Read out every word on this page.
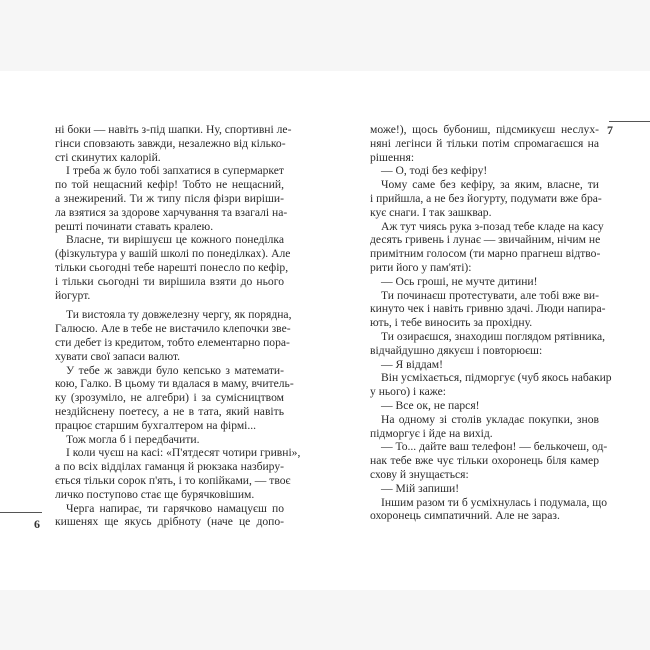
6
7
ні боки — навіть з-під шапки. Ну, спортивні ле-
гінси сповзають завжди, незалежно від кілько-
сті скинутих калорій.
І треба ж було тобі запхатися в супермаркет
по той нещасний кефір! Тобто не нещасний,
а знежирений. Ти ж типу після фізри виріши-
ла взятися за здорове харчування та взагалі на-
решті починати ставать кралею.
Власне, ти вирішуєш це кожного понеділка
(фізкультура у вашій школі по понеділках). Але
тільки сьогодні тебе нарешті понесло по кефір,
і тільки сьогодні ти вирішила взяти до нього
йогурт.
Ти вистояла ту довжелезну чергу, як порядна,
Галюсю. Але в тебе не вистачило клепочки зве-
сти дебет із кредитом, тобто елементарно пора-
хувати свої запаси валют.
У тебе ж завжди було кепсько з математи-
кою, Галко. В цьому ти вдалася в маму, вчитель-
ку (зрозуміло, не алгебри) і за сумісництвом
нездійснену поетесу, а не в тата, який навіть
працює старшим бухгалтером на фірмі...
Тож могла б і передбачити.
І коли чуєш на касі: «П'ятдесят чотири гривні»,
а по всіх відділах гаманця й рюкзака назбиру-
ється тільки сорок п'ять, і то копійками, — твоє
личко поступово стає ще бурячковішим.
Черга напирає, ти гарячково намацуєш по
кишенях ще якусь дрібноту (наче це допо-
може!), щось бубониш, підсмикуєш неслух-
няні легінси й тільки потім спромагаєшся на
рішення:
— О, тоді без кефіру!
Чому саме без кефіру, за яким, власне, ти
і прийшла, а не без йогурту, подумати вже бра-
кує снаги. І так зашквар.
Аж тут чиясь рука з-позад тебе кладе на касу
десять гривень і лунає — звичайним, нічим не
примітним голосом (ти марно прагнеш відтво-
рити його у пам'яті):
— Ось гроші, не мучте дитини!
Ти починаєш протестувати, але тобі вже ви-
кинуто чек і навіть гривню здачі. Люди напира-
ють, і тебе виносить за прохідну.
Ти озираєшся, знаходиш поглядом рятівника,
відчайдушно дякуєш і повторюєш:
— Я віддам!
Він усміхається, підморгує (чуб якось набакир
у нього) і каже:
— Все ок, не парся!
На одному зі столів укладає покупки, знов
підморгує і йде на вихід.
— То... дайте ваш телефон! — белькочеш, од-
нак тебе вже чує тільки охоронець біля камер
схову й знущається:
— Мій запиши!
Іншим разом ти б усміхнулась і подумала, що
охоронець симпатичний. Але не зараз.
